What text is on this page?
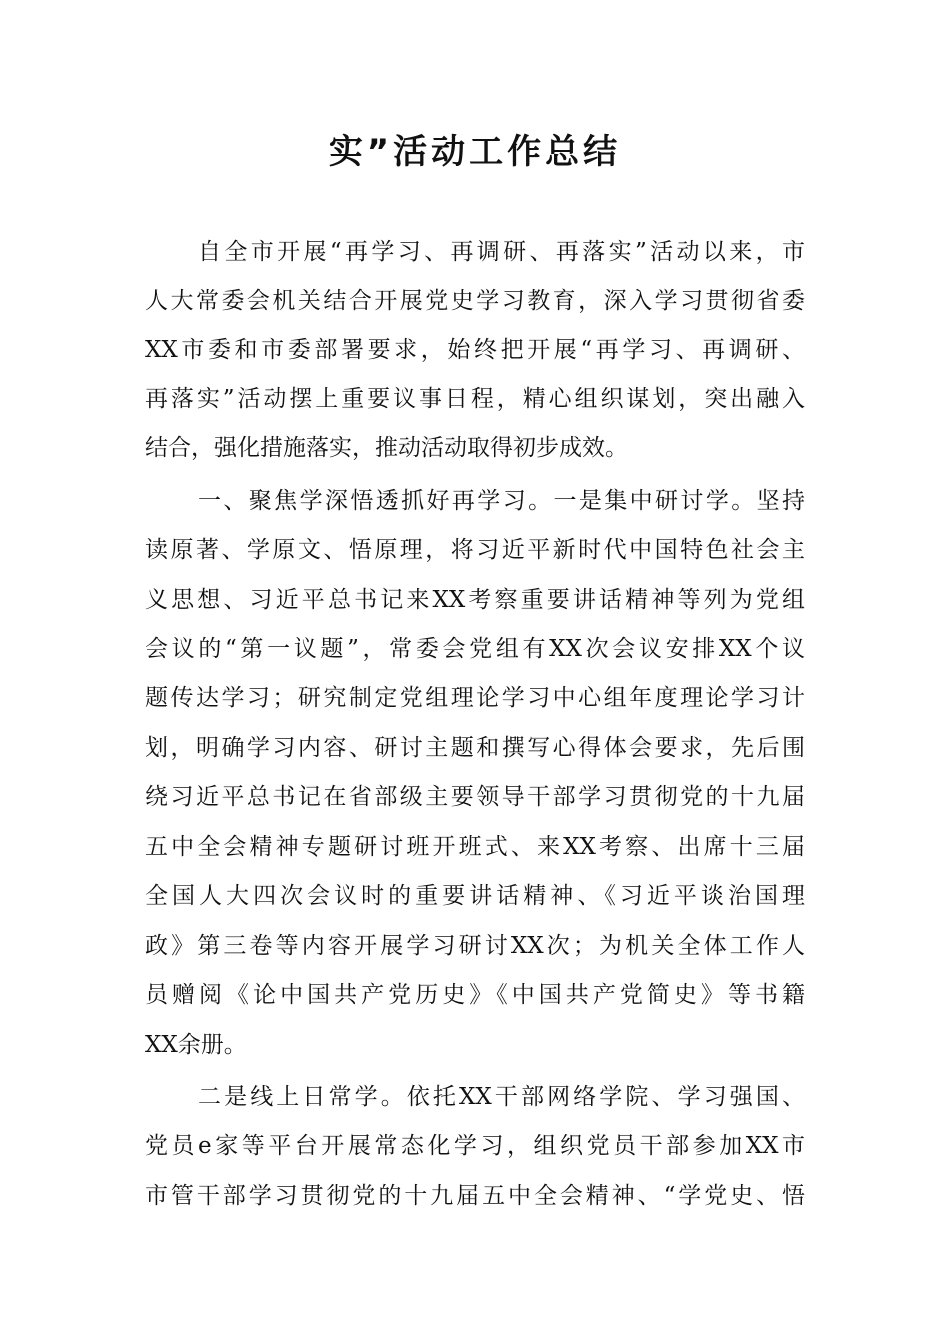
实”活动工作总结

自全市开展“再学习、再调研、再落实”活动以来，市

人大常委会机关结合开展党史学习教育，深入学习贯彻省委

XX市委和市委部署要求，始终把开展“再学习、再调研、

再落实”活动摆上重要议事日程，精心组织谋划，突出融入

结合，强化措施落实，推动活动取得初步成效。

一、聚焦学深悟透抓好再学习。一是集中研讨学。坚持

读原著、学原文、悟原理，将习近平新时代中国特色社会主

义思想、习近平总书记来XX考察重要讲话精神等列为党组

会议的“第一议题”，常委会党组有XX次会议安排XX个议

题传达学习；研究制定党组理论学习中心组年度理论学习计

划，明确学习内容、研讨主题和撰写心得体会要求，先后围

绕习近平总书记在省部级主要领导干部学习贯彻党的十九届

五中全会精神专题研讨班开班式、来XX考察、出席十三届

全国人大四次会议时的重要讲话精神、《习近平谈治国理

政》第三卷等内容开展学习研讨XX次；为机关全体工作人

员赠阅《论中国共产党历史》《中国共产党简史》等书籍

XX余册。

二是线上日常学。依托XX干部网络学院、学习强国、

党员e家等平台开展常态化学习，组织党员干部参加XX市

市管干部学习贯彻党的十九届五中全会精神、“学党史、悟
